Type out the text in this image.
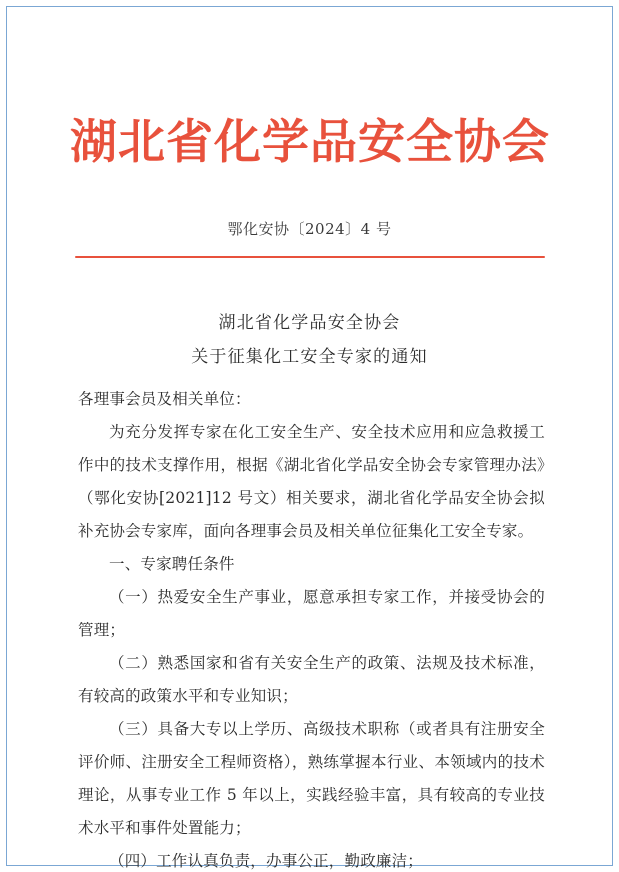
湖北省化学品安全协会
鄂化安协〔2024〕4 号
湖北省化学品安全协会
关于征集化工安全专家的通知

各理事会员及相关单位：

为充分发挥专家在化工安全生产、安全技术应用和应急救援工作中的技术支撑作用，根据《湖北省化学品安全协会专家管理办法》（鄂化安协[2021]12 号文）相关要求，湖北省化学品安全协会拟补充协会专家库，面向各理事会员及相关单位征集化工安全专家。

一、专家聘任条件

（一）热爱安全生产事业，愿意承担专家工作，并接受协会的管理；

（二）熟悉国家和省有关安全生产的政策、法规及技术标准，有较高的政策水平和专业知识；

（三）具备大专以上学历、高级技术职称（或者具有注册安全评价师、注册安全工程师资格），熟练掌握本行业、本领域内的技术理论，从事专业工作 5 年以上，实践经验丰富，具有较高的专业技术水平和事件处置能力；

（四）工作认真负责，办事公正，勤政廉洁；
